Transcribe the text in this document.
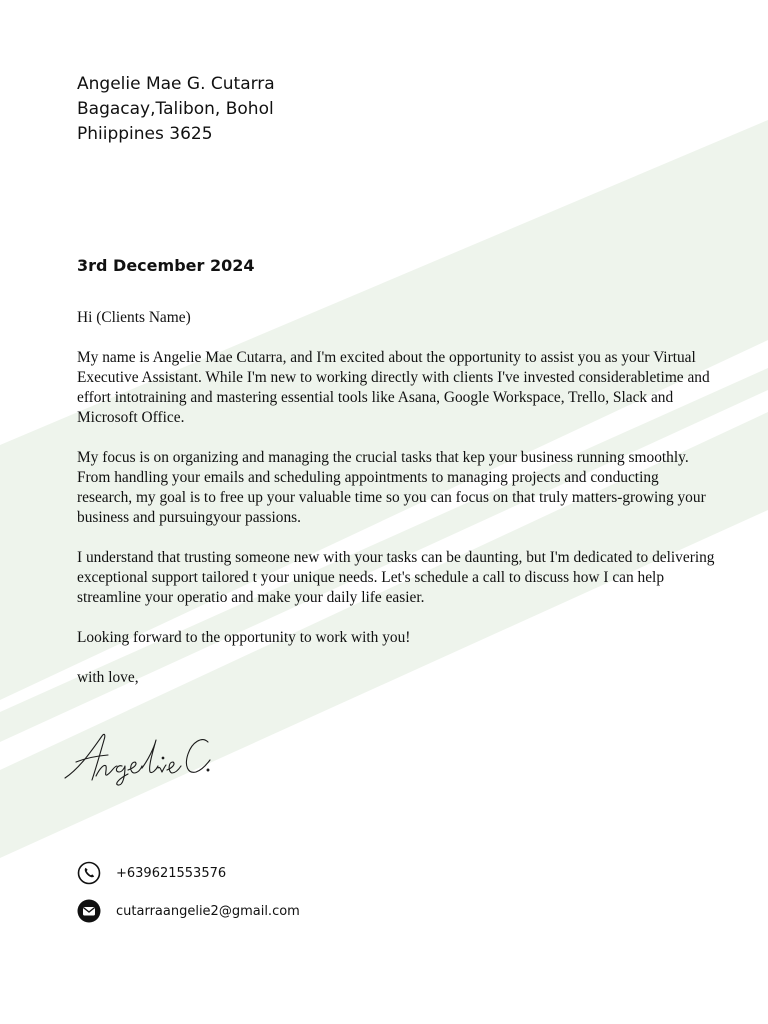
Angelie Mae G. Cutarra
Bagacay,Talibon, Bohol
Phiippines 3625
3rd December 2024

Hi (Clients Name)

My name is Angelie Mae Cutarra, and I'm excited about the opportunity to assist you as your Virtual Executive Assistant. While I'm new to working directly with clients I've invested considerabletime and effort intotraining and mastering essential tools like Asana, Google Workspace, Trello, Slack and Microsoft Office.

My focus is on organizing and managing the crucial tasks that kep your business running smoothly. From handling your emails and scheduling appointments to managing projects and conducting research, my goal is to free up your valuable time so you can focus on that truly matters-growing your business and pursuingyour passions.

I understand that trusting someone new with your tasks can be daunting, but I'm dedicated to delivering exceptional support tailored t your unique needs. Let's schedule a call to discuss how I can help streamline your operatio and make your daily life easier.

Looking forward to the opportunity to work with you!

with love,

+639621553576
cutarraangelie2@gmail.com
